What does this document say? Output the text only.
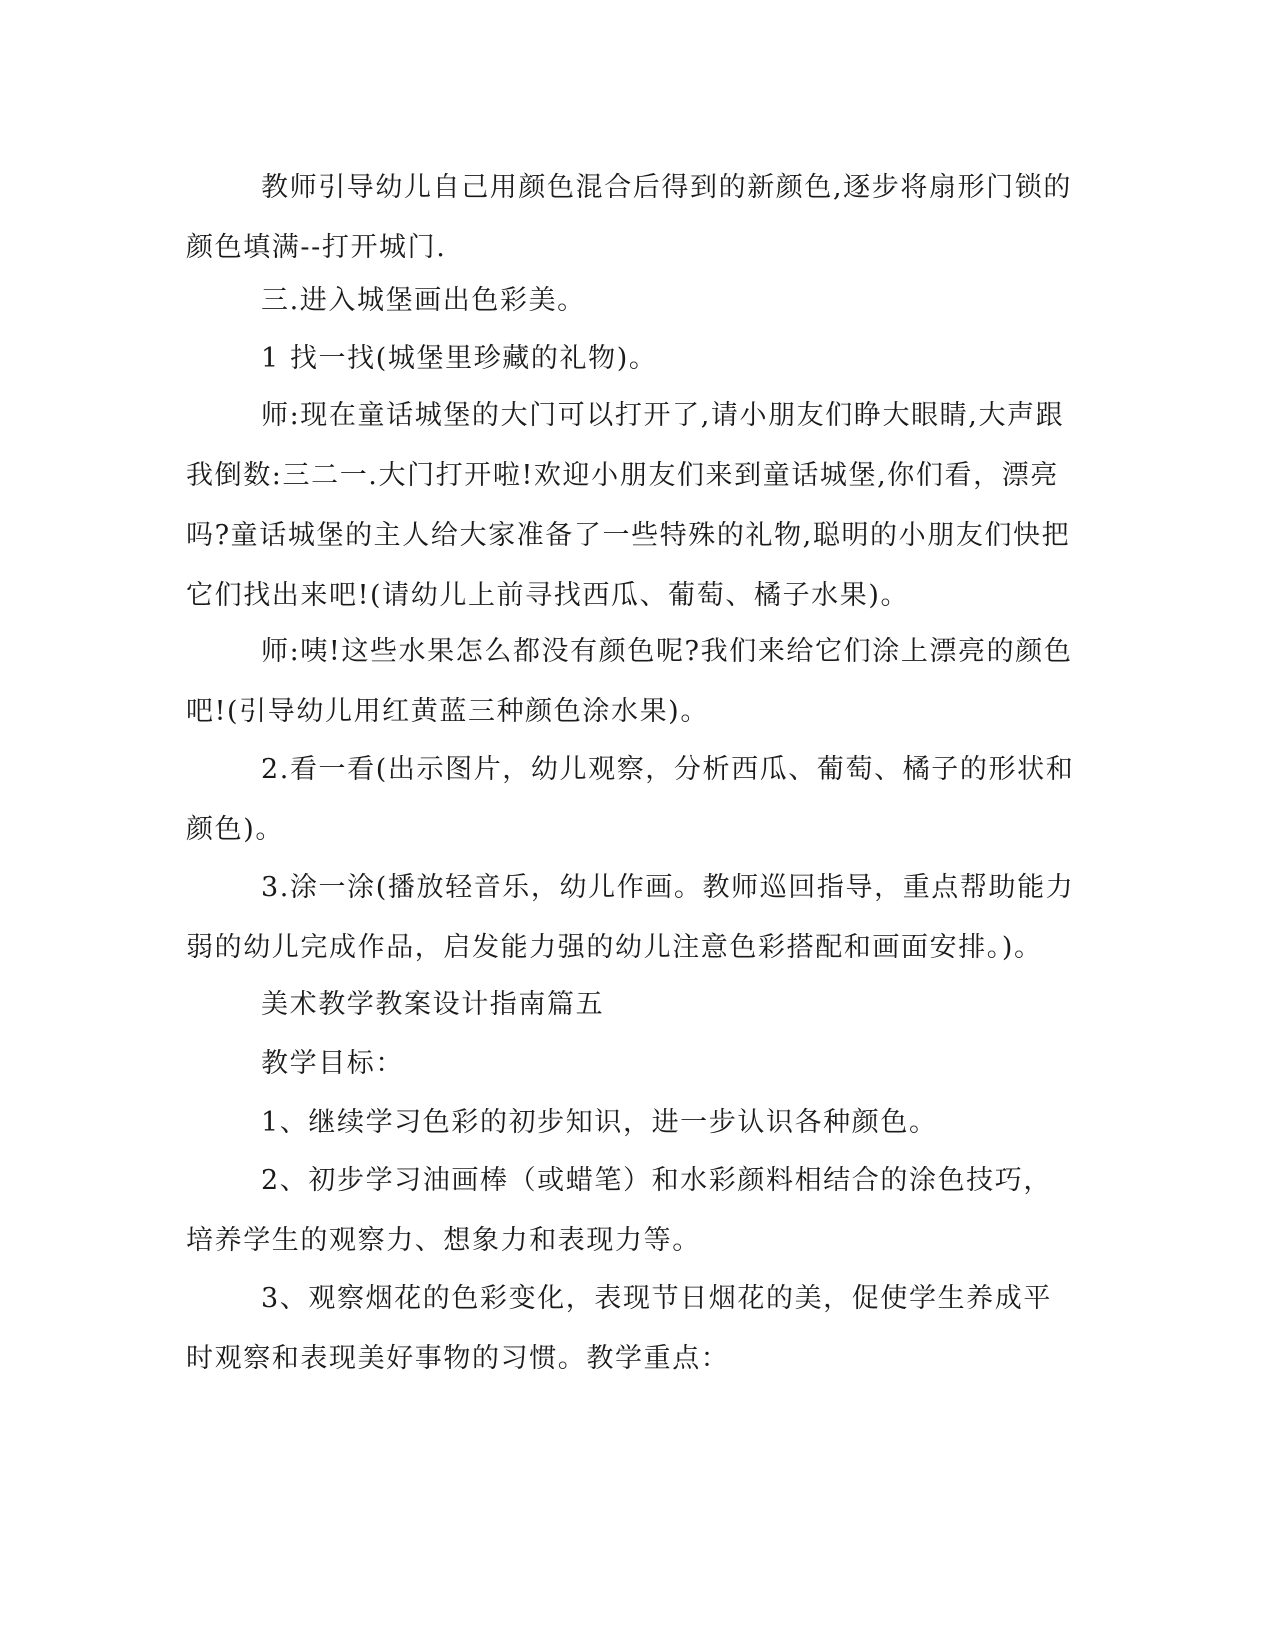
教师引导幼儿自己用颜色混合后得到的新颜色,逐步将扇形门锁的颜色填满--打开城门.

三.进入城堡画出色彩美。

1 找一找(城堡里珍藏的礼物)。

师:现在童话城堡的大门可以打开了,请小朋友们睁大眼睛,大声跟我倒数:三二一.大门打开啦!欢迎小朋友们来到童话城堡,你们看，漂亮吗?童话城堡的主人给大家准备了一些特殊的礼物,聪明的小朋友们快把它们找出来吧!(请幼儿上前寻找西瓜、葡萄、橘子水果)。

师:咦!这些水果怎么都没有颜色呢?我们来给它们涂上漂亮的颜色吧!(引导幼儿用红黄蓝三种颜色涂水果)。

2.看一看(出示图片，幼儿观察，分析西瓜、葡萄、橘子的形状和颜色)。

3.涂一涂(播放轻音乐，幼儿作画。教师巡回指导，重点帮助能力弱的幼儿完成作品，启发能力强的幼儿注意色彩搭配和画面安排。)。

美术教学教案设计指南篇五

教学目标：

1、继续学习色彩的初步知识，进一步认识各种颜色。

2、初步学习油画棒（或蜡笔）和水彩颜料相结合的涂色技巧，培养学生的观察力、想象力和表现力等。

3、观察烟花的色彩变化，表现节日烟花的美，促使学生养成平时观察和表现美好事物的习惯。教学重点：
